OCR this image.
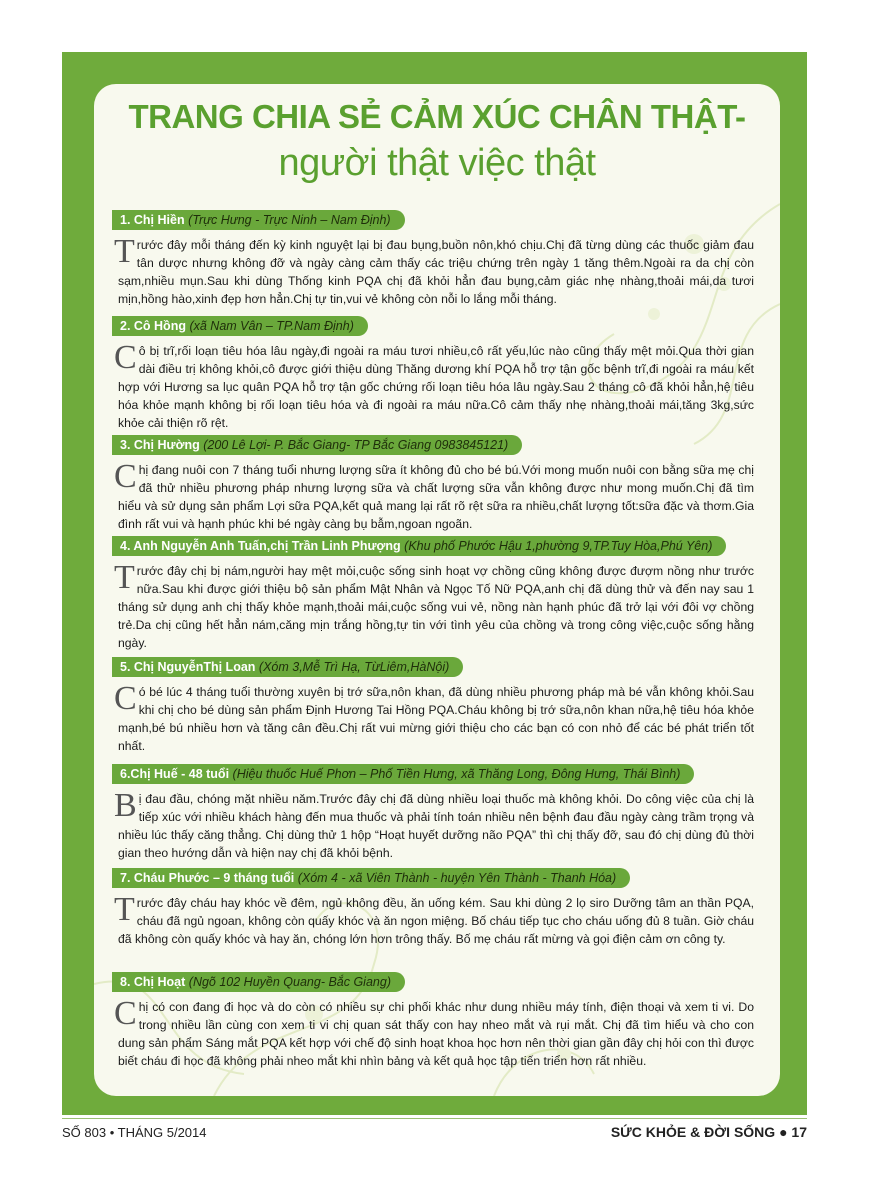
TRANG CHIA SẺ CẢM XÚC CHÂN THẬT-
người thật việc thật
1. Chị Hiền (Trực Hưng - Trực Ninh – Nam Định)
T rước đây mỗi tháng đến kỳ kinh nguyệt lại bị đau bụng,buồn nôn,khó chịu.Chị đã từng dùng các thuốc giảm đau tân dược nhưng không đỡ và ngày càng cảm thấy các triệu chứng trên ngày 1 tăng thêm.Ngoài ra da chị còn sạm,nhiều mụn.Sau khi dùng Thống kinh PQA chị đã khỏi hẳn đau bụng,cảm giác nhẹ nhàng,thoải mái,da tươi mịn,hồng hào,xinh đẹp hơn hẳn.Chị tự tin,vui vẻ không còn nỗi lo lắng mỗi tháng.
2. Cô Hồng (xã Nam Vân – TP.Nam Định)
C ô bị trĩ,rối loạn tiêu hóa lâu ngày,đi ngoài ra máu tươi nhiều,cô rất yếu,lúc nào cũng thấy mệt mỏi.Qua thời gian dài điều trị không khỏi,cô được giới thiệu dùng Thăng dương khí PQA hỗ trợ tận gốc bệnh trĩ,đi ngoài ra máu kết hợp với Hương sa lục quân PQA hỗ trợ tận gốc chứng rối loạn tiêu hóa lâu ngày.Sau 2 tháng cô đã khỏi hẳn,hệ tiêu hóa khỏe mạnh không bị rối loạn tiêu hóa và đi ngoài ra máu nữa.Cô cảm thấy nhẹ nhàng,thoải mái,tăng 3kg,sức khỏe cải thiện rõ rệt.
3. Chị Hường (200 Lê Lợi- P. Bắc Giang- TP Bắc Giang 0983845121)
C hị đang nuôi con 7 tháng tuổi nhưng lượng sữa ít không đủ cho bé bú.Với mong muốn nuôi con bằng sữa mẹ chị đã thử nhiều phương pháp nhưng lượng sữa và chất lượng sữa vẫn không được như mong muốn.Chị đã tìm hiểu và sử dụng sản phẩm Lợi sữa PQA,kết quả mang lại rất rõ rệt sữa ra nhiều,chất lượng tốt:sữa đặc và thơm.Gia đình rất vui và hạnh phúc khi bé ngày càng bụ bẫm,ngoan ngoãn.
4. Anh Nguyễn Anh Tuấn,chị Trần Linh Phượng (Khu phố Phước Hậu 1,phường 9,TP.Tuy Hòa,Phú Yên)
T rước đây chị bị nám,người hay mệt mỏi,cuộc sống sinh hoạt vợ chồng cũng không được đượm nồng như trước nữa.Sau khi được giới thiệu bộ sản phẩm Mật Nhân và Ngọc Tố Nữ PQA,anh chị đã dùng thử và đến nay sau 1 tháng sử dụng anh chị thấy khỏe mạnh,thoải mái,cuộc sống vui vẻ, nồng nàn hạnh phúc đã trở lại với đôi vợ chồng trẻ.Da chị cũng hết hẳn nám,căng mịn trắng hồng,tự tin với tình yêu của chồng và trong công việc,cuộc sống hằng ngày.
5. Chị NguyễnThị Loan (Xóm 3,Mễ Trì Hạ, TừLiêm,HàNội)
C ó bé lúc 4 tháng tuổi thường xuyên bị trớ sữa,nôn khan, đã dùng nhiều phương pháp mà bé vẫn không khỏi.Sau khi chị cho bé dùng sản phẩm Định Hương Tai Hồng PQA.Cháu không bị trớ sữa,nôn khan nữa,hệ tiêu hóa khỏe mạnh,bé bú nhiều hơn và tăng cân đều.Chị rất vui mừng giới thiệu cho các bạn có con nhỏ để các bé phát triển tốt nhất.
6.Chị Huế - 48 tuổi (Hiệu thuốc Huế Phơn – Phố Tiền Hưng, xã Thăng Long, Đông Hưng, Thái Bình)
B ị đau đầu, chóng mặt nhiều năm.Trước đây chị đã dùng nhiều loại thuốc mà không khỏi. Do công việc của chị là tiếp xúc với nhiều khách hàng đến mua thuốc và phải tính toán nhiều nên bệnh đau đầu ngày càng trầm trọng và nhiều lúc thấy căng thẳng. Chị dùng thử 1 hộp “Hoạt huyết dưỡng não PQA” thì chị thấy đỡ, sau đó chị dùng đủ thời gian theo hướng dẫn và hiện nay chị đã khỏi bệnh.
7. Cháu Phước – 9 tháng tuổi (Xóm 4 - xã Viên Thành - huyện Yên Thành - Thanh Hóa)
T rước đây cháu hay khóc về đêm, ngủ không đều, ăn uống kém. Sau khi dùng 2 lọ siro Dưỡng tâm an thần PQA, cháu đã ngủ ngoan, không còn quấy khóc và ăn ngon miệng. Bố cháu tiếp tục cho cháu uống đủ 8 tuần. Giờ cháu đã không còn quấy khóc và hay ăn, chóng lớn hơn trông thấy. Bố mẹ cháu rất mừng và gọi điện cảm ơn công ty.
8. Chị Hoạt (Ngõ 102 Huyền Quang- Bắc Giang)
C hị có con đang đi học và do còn có nhiều sự chi phối khác như dung nhiều máy tính, điện thoại và xem ti vi. Do trong nhiều lần cùng con xem ti vi chị quan sát thấy con hay nheo mắt và rụi mắt. Chị đã tìm hiểu và cho con dung sản phẩm Sáng mắt PQA kết hợp với chế độ sinh hoạt khoa học hơn nên thời gian gần đây chị hỏi con thì được biết cháu đi học đã không phải nheo mắt khi nhìn bảng và kết quả học tập tiến triển hơn rất nhiều.
SỐ 803 • THÁNG 5/2014	SỨC KHỎE & ĐỜI SỐNG ● 17
